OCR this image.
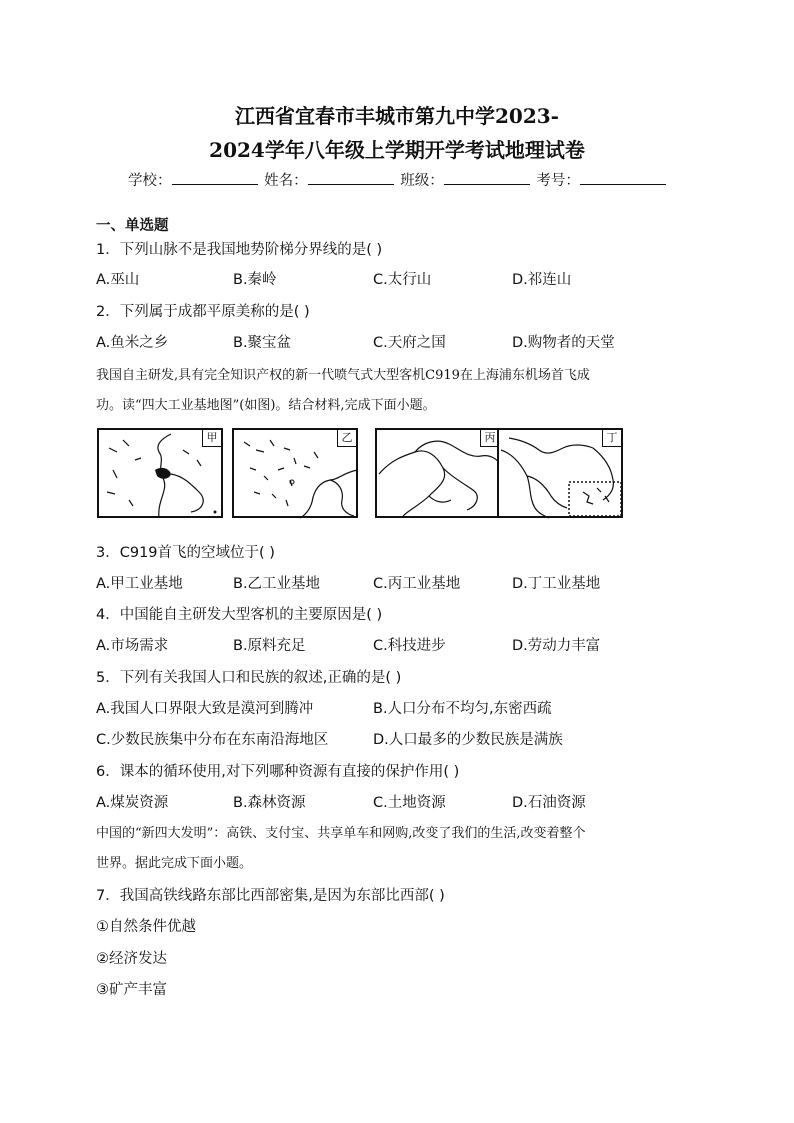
江西省宜春市丰城市第九中学2023-
2024学年八年级上学期开学考试地理试卷
学校：	姓名：	班级：	考号：
一、单选题
1．下列山脉不是我国地势阶梯分界线的是( )
A.巫山	B.秦岭	C.太行山	D.祁连山
2．下列属于成都平原美称的是( )
A.鱼米之乡	B.聚宝盆	C.天府之国	D.购物者的天堂
我国自主研发,具有完全知识产权的新一代喷气式大型客机C919在上海浦东机场首飞成
功。读“四大工业基地图”(如图)。结合材料,完成下面小题。
甲	乙	丙	丁
3．C919首飞的空域位于( )
A.甲工业基地	B.乙工业基地	C.丙工业基地	D.丁工业基地
4．中国能自主研发大型客机的主要原因是( )
A.市场需求	B.原料充足	C.科技进步	D.劳动力丰富
5．下列有关我国人口和民族的叙述,正确的是( )
A.我国人口界限大致是漠河到腾冲	B.人口分布不均匀,东密西疏
C.少数民族集中分布在东南沿海地区	D.人口最多的少数民族是满族
6．课本的循环使用,对下列哪种资源有直接的保护作用( )
A.煤炭资源	B.森林资源	C.土地资源	D.石油资源
中国的“新四大发明”：高铁、支付宝、共享单车和网购,改变了我们的生活,改变着整个
世界。据此完成下面小题。
7．我国高铁线路东部比西部密集,是因为东部比西部( )
①自然条件优越
②经济发达
③矿产丰富
